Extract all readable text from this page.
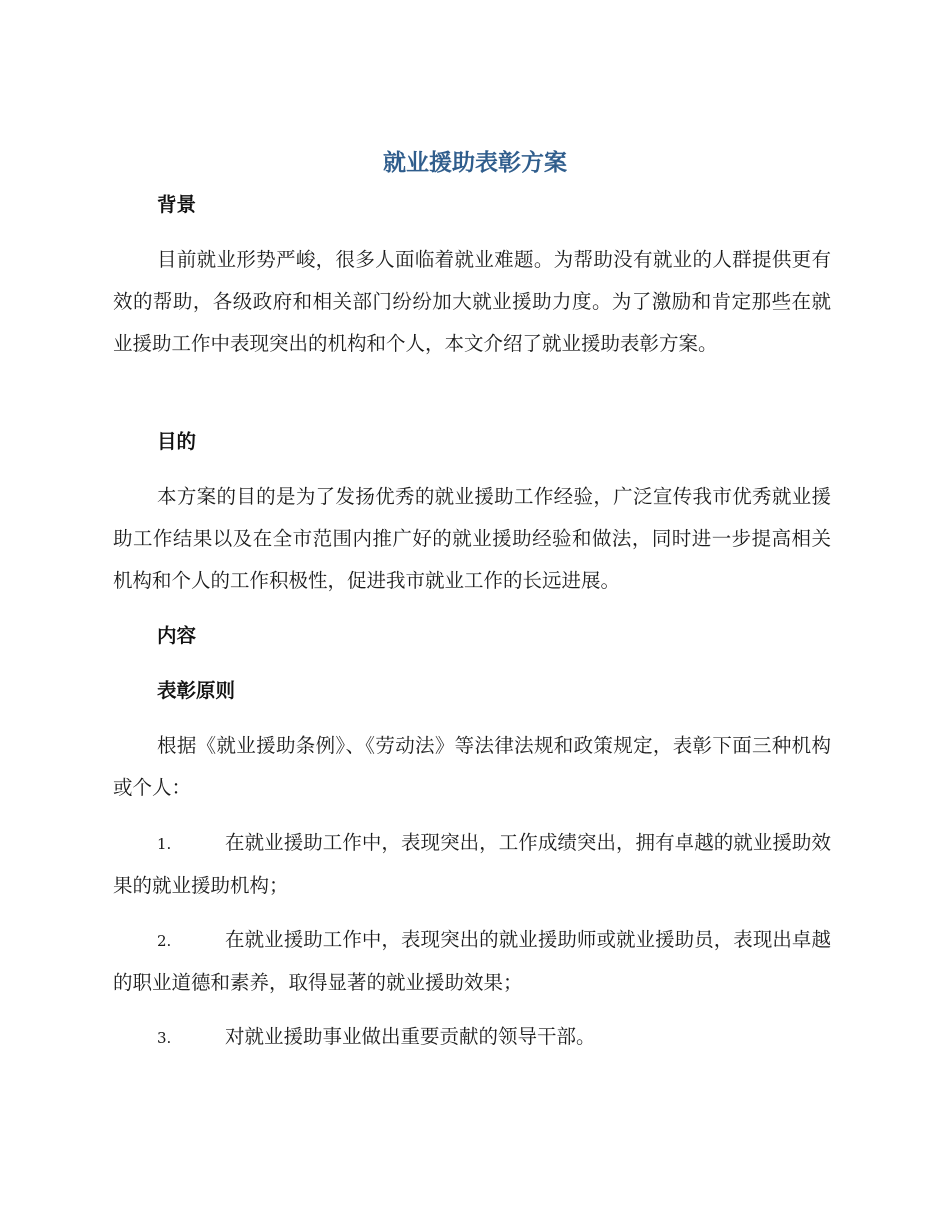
就业援助表彰方案
背景

目前就业形势严峻，很多人面临着就业难题。为帮助没有就业的人群提供更有效的帮助，各级政府和相关部门纷纷加大就业援助力度。为了激励和肯定那些在就业援助工作中表现突出的机构和个人，本文介绍了就业援助表彰方案。

目的

本方案的目的是为了发扬优秀的就业援助工作经验，广泛宣传我市优秀就业援助工作结果以及在全市范围内推广好的就业援助经验和做法，同时进一步提高相关机构和个人的工作积极性，促进我市就业工作的长远进展。

内容
表彰原则

根据《就业援助条例》、《劳动法》等法律法规和政策规定，表彰下面三种机构或个人：

1.	在就业援助工作中，表现突出，工作成绩突出，拥有卓越的就业援助效果的就业援助机构；

2.	在就业援助工作中，表现突出的就业援助师或就业援助员，表现出卓越的职业道德和素养，取得显著的就业援助效果；

3.	对就业援助事业做出重要贡献的领导干部。
